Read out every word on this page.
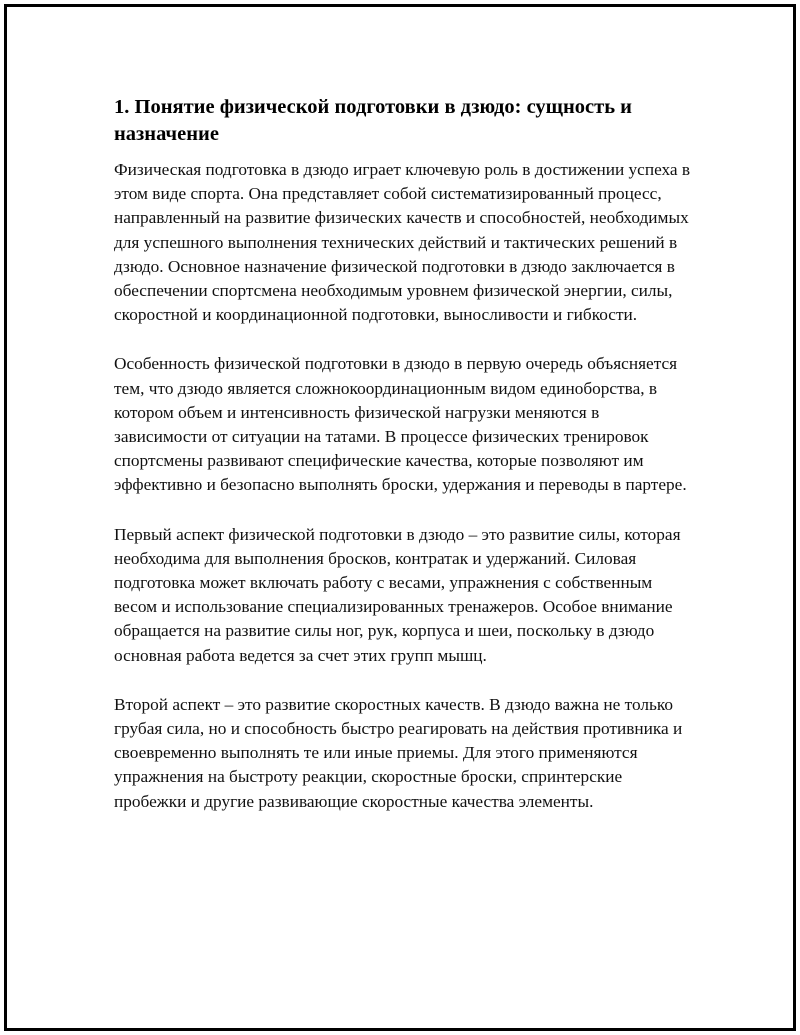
1. Понятие физической подготовки в дзюдо: сущность и назначение

Физическая подготовка в дзюдо играет ключевую роль в достижении успеха в этом виде спорта. Она представляет собой систематизированный процесс, направленный на развитие физических качеств и способностей, необходимых для успешного выполнения технических действий и тактических решений в дзюдо. Основное назначение физической подготовки в дзюдо заключается в обеспечении спортсмена необходимым уровнем физической энергии, силы, скоростной и координационной подготовки, выносливости и гибкости.

Особенность физической подготовки в дзюдо в первую очередь объясняется тем, что дзюдо является сложнокоординационным видом единоборства, в котором объем и интенсивность физической нагрузки меняются в зависимости от ситуации на татами. В процессе физических тренировок спортсмены развивают специфические качества, которые позволяют им эффективно и безопасно выполнять броски, удержания и переводы в партере.

Первый аспект физической подготовки в дзюдо – это развитие силы, которая необходима для выполнения бросков, контратак и удержаний. Силовая подготовка может включать работу с весами, упражнения с собственным весом и использование специализированных тренажеров. Особое внимание обращается на развитие силы ног, рук, корпуса и шеи, поскольку в дзюдо основная работа ведется за счет этих групп мышц.

Второй аспект – это развитие скоростных качеств. В дзюдо важна не только грубая сила, но и способность быстро реагировать на действия противника и своевременно выполнять те или иные приемы. Для этого применяются упражнения на быстроту реакции, скоростные броски, спринтерские пробежки и другие развивающие скоростные качества элементы.
